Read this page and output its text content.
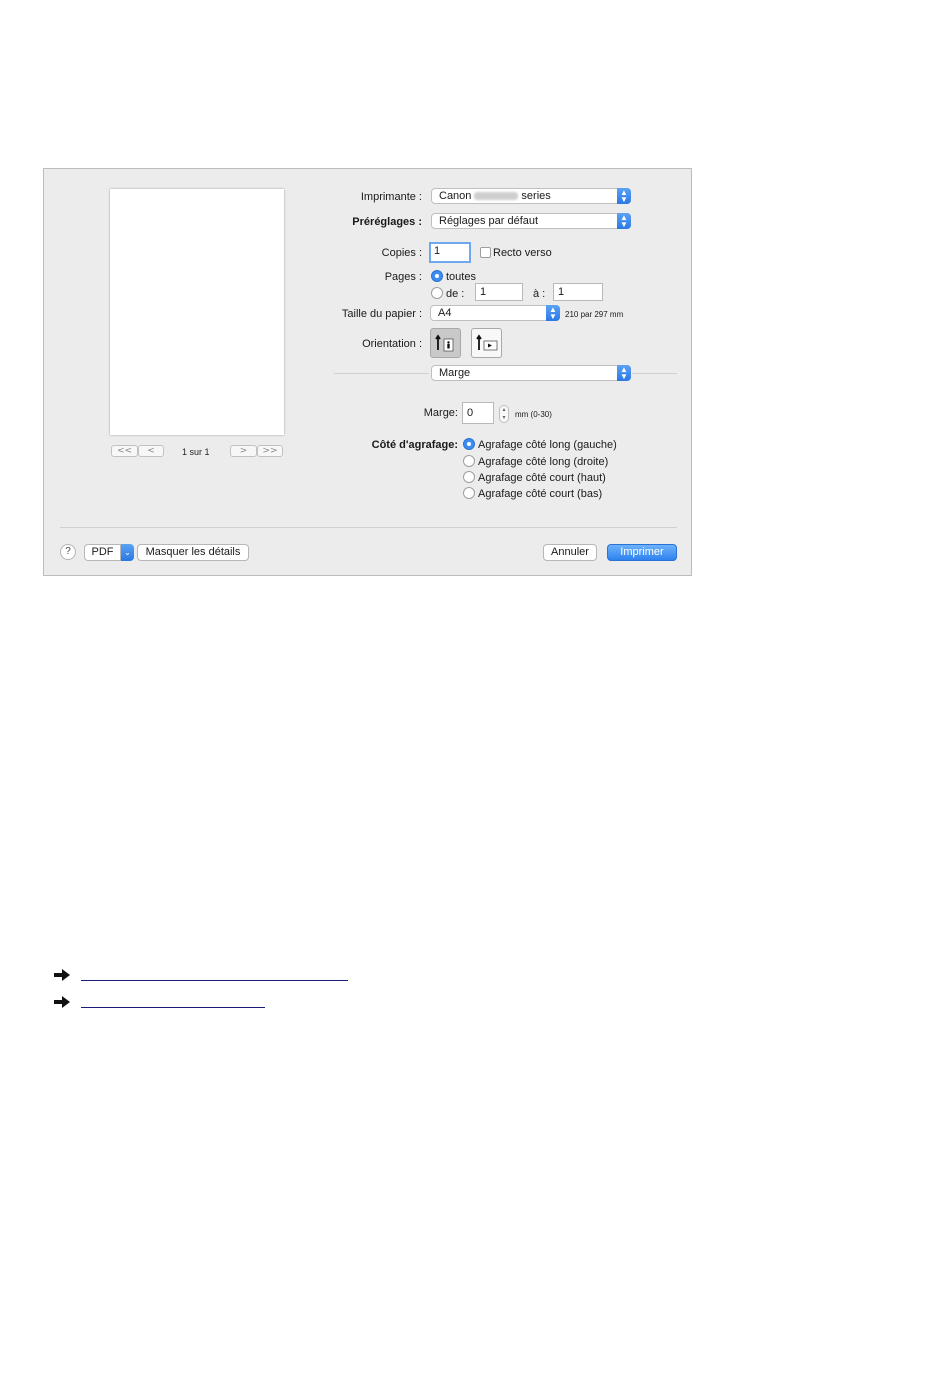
<<	<	1 sur 1	>	>>
Imprimante :	Canon	series	▲
▼
Préréglages :	Réglages par défaut	▲
▼
Copies :	1	Recto verso
Pages : toutes
de :	1	à :	1
Taille du papier :	A4	▲
▼	210 par 297 mm
Orientation :
Marge	▲
▼
Marge: 0	▴
▾	mm (0-30)
Côté d'agrafage: Agrafage côté long (gauche)
Agrafage côté long (droite)
Agrafage côté court (haut)
Agrafage côté court (bas)
?	PDF	⌄	Masquer les détails	Annuler	Imprimer
